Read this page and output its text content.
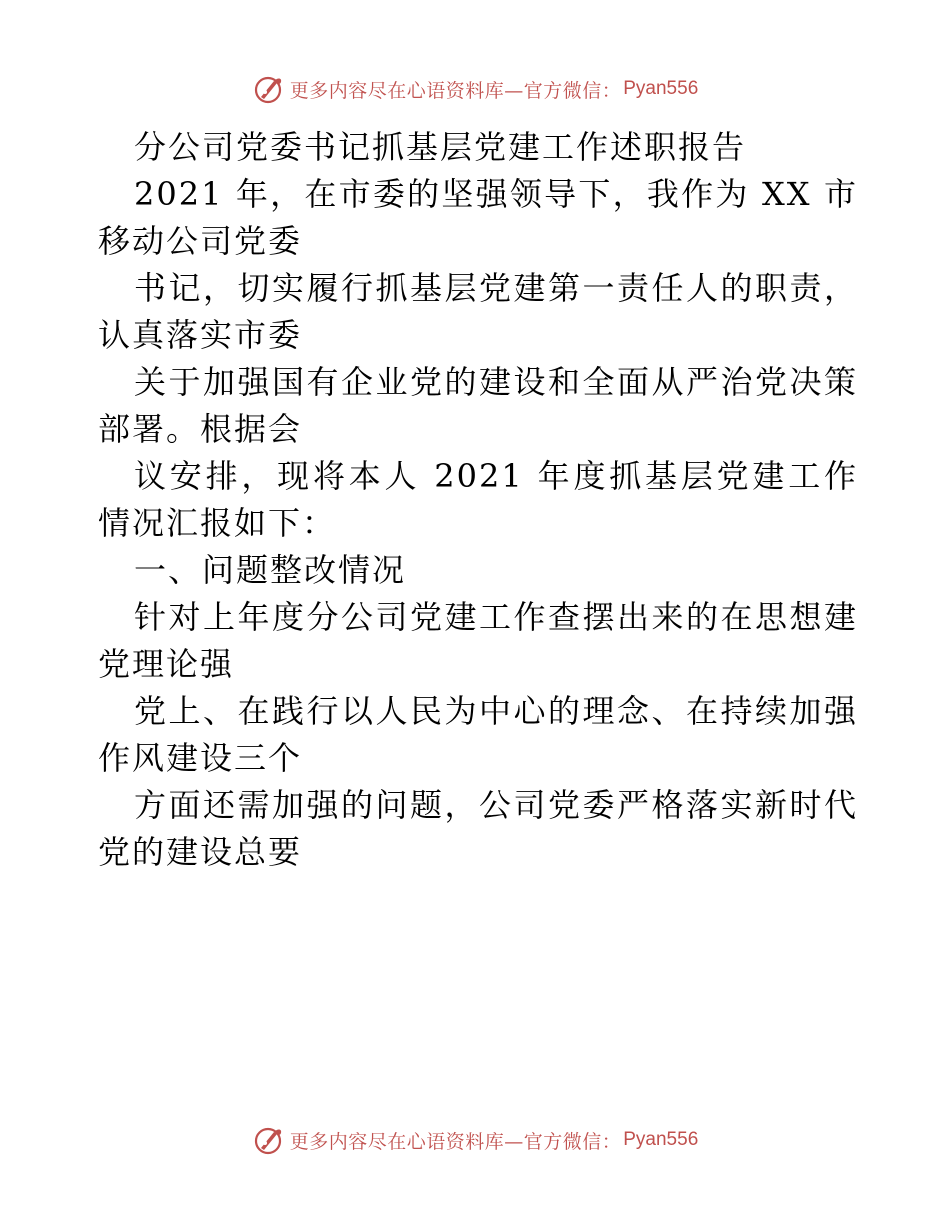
更多内容尽在心语资料库—官方微信： Pyan556

分公司党委书记抓基层党建工作述职报告

2021 年，在市委的坚强领导下，我作为 XX 市移动公司党委

书记，切实履行抓基层党建第一责任人的职责，认真落实市委

关于加强国有企业党的建设和全面从严治党决策部署。根据会

议安排，现将本人 2021 年度抓基层党建工作情况汇报如下：

一、问题整改情况

针对上年度分公司党建工作查摆出来的在思想建党理论强

党上、在践行以人民为中心的理念、在持续加强作风建设三个

方面还需加强的问题，公司党委严格落实新时代党的建设总要

更多内容尽在心语资料库—官方微信： Pyan556
